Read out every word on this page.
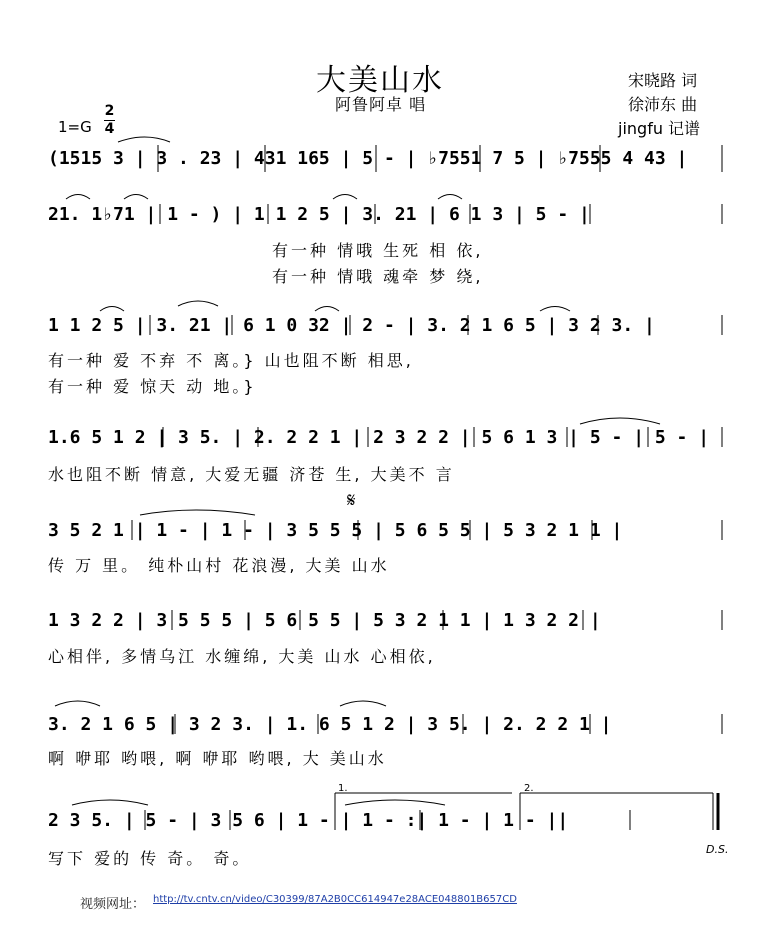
大美山水
阿鲁阿卓 唱
宋晓路 词
徐沛东 曲
jingfu 记谱
1=G
2
4
1.	2.
(1515 3 | 3 . 23 | 431 165 | 5 - | ♭7551 7 5 | ♭7555 4 43 |
21. 1♭71 | 1 - ) | 1 1 2 5 | 3. 21 | 6 1 3 | 5 - |
有一种 情哦 生死 相 依,
有一种 情哦 魂牵 梦 绕,
1 1 2 5 | 3. 21 | 6 1 0 32 | 2 - | 3. 2 1 6 5 | 3 2 3. |
有一种 爱 不弃 不 离。} 山也阻不断 相思,
有一种 爱 惊天 动 地。}
1.6 5 1 2 | 3 5. | 2. 2 2 1 | 2 3 2 2 | 5 6 1 3 | 5 - | 5 - |
水也阻不断 情意, 大爱无疆 济苍 生, 大美不 言
𝄋
3 5 2 1 | 1 - | 1 - | 3 5 5 5 | 5 6 5 5 | 5 3 2 1 1 |
传 万 里。 纯朴山村 花浪漫, 大美 山水
1 3 2 2 | 3 5 5 5 | 5 6 5 5 | 5 3 2 1 1 | 1 3 2 2 |
心相伴, 多情乌江 水缠绵, 大美 山水 心相依,
3. 2 1 6 5 | 3 2 3. | 1. 6 5 1 2 | 3 5. | 2. 2 2 1 |
啊 咿耶 哟喂, 啊 咿耶 哟喂, 大 美山水
2 3 5. | 5 - | 3 5 6 | 1 - | 1 - :| 1 - | 1 - ||
写下 爱的 传 奇。 奇。	D.S.
视频网址： http://tv.cntv.cn/video/C30399/87A2B0CC614947e28ACE048801B657CD
